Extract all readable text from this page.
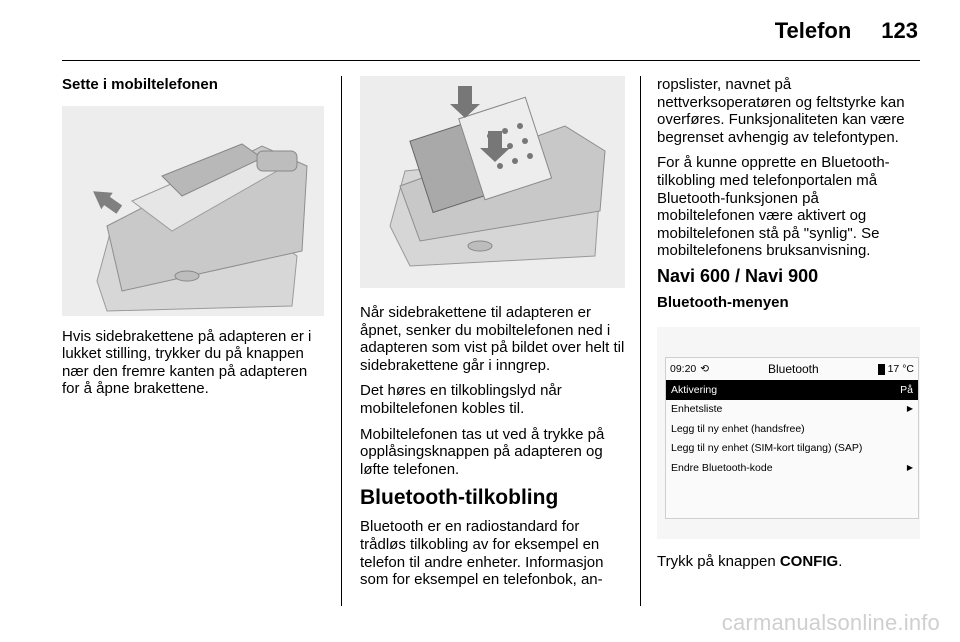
Telefon 123

Sette i mobiltelefonen

Hvis sidebrakettene på adapteren er i lukket stilling, trykker du på knappen nær den fremre kanten på adapteren for å åpne brakettene.

Når sidebrakettene til adapteren er åpnet, senker du mobiltelefonen ned i adapteren som vist på bildet over helt til sidebrakettene går i inngrep.

Det høres en tilkoblingslyd når mobiltelefonen kobles til.

Mobiltelefonen tas ut ved å trykke på opplåsingsknappen på adapteren og løfte telefonen.

Bluetooth-tilkobling

Bluetooth er en radiostandard for trådløs tilkobling av for eksempel en telefon til andre enheter. Informasjon som for eksempel en telefonbok, an-

ropslister, navnet på nettverksoperatøren og feltstyrke kan overføres. Funksjonaliteten kan være begrenset avhengig av telefontypen.

For å kunne opprette en Bluetooth-tilkobling med telefonportalen må Bluetooth-funksjonen på mobiltelefonen være aktivert og mobiltelefonen stå på "synlig". Se mobiltelefonens bruksanvisning.

Navi 600 / Navi 900

Bluetooth-menyen

09:20 ⟲	Bluetooth	17 °C
Aktivering	På
Enhetsliste	▶
Legg til ny enhet (handsfree)
Legg til ny enhet (SIM-kort tilgang) (SAP)
Endre Bluetooth-kode	▶

Trykk på knappen CONFIG.

carmanualsonline.info
